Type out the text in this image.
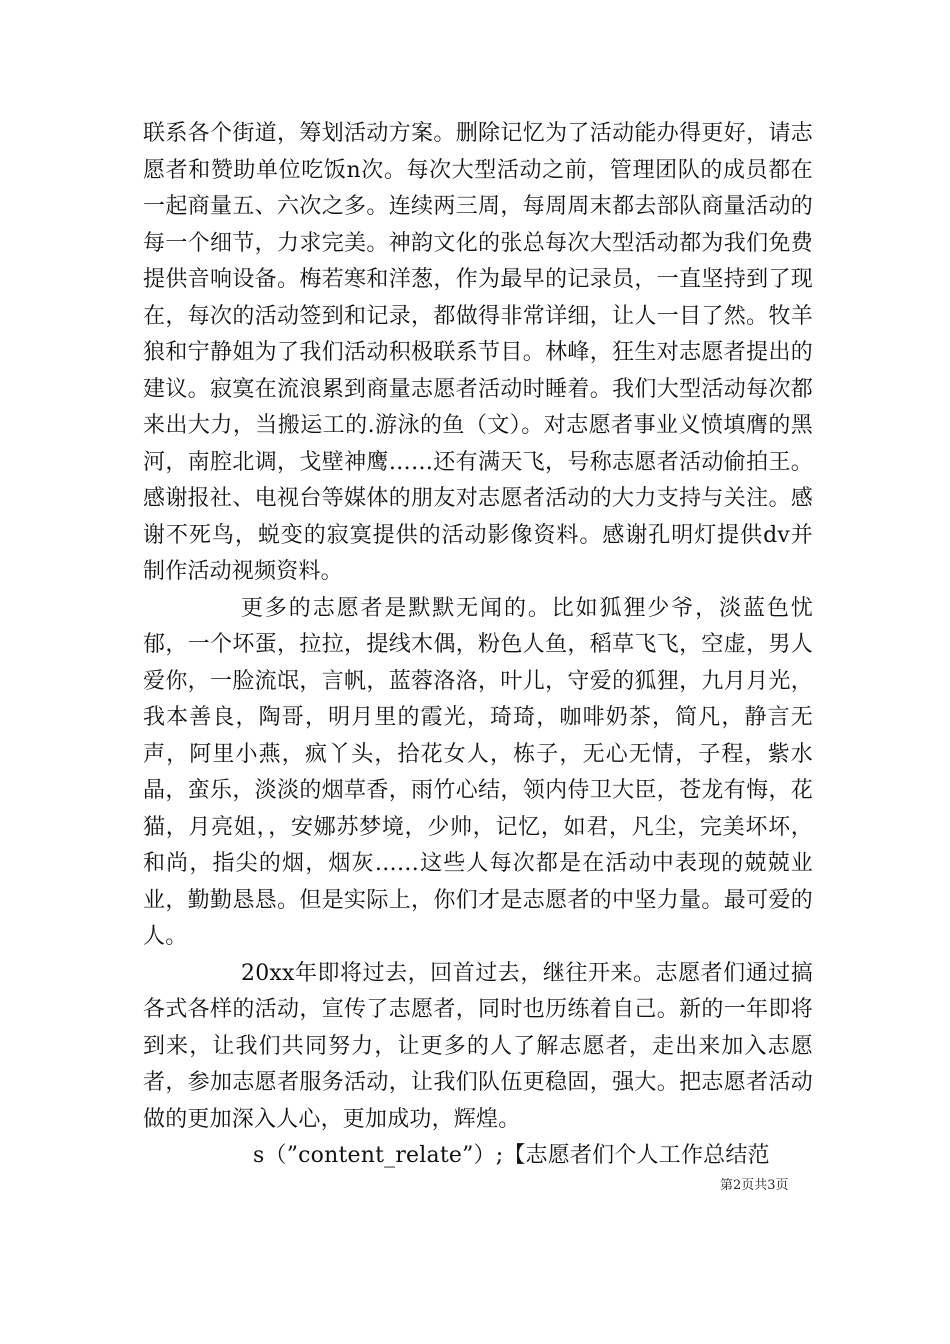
联系各个街道，筹划活动方案。删除记忆为了活动能办得更好，请志愿者和赞助单位吃饭n次。每次大型活动之前，管理团队的成员都在一起商量五、六次之多。连续两三周，每周周末都去部队商量活动的每一个细节，力求完美。神韵文化的张总每次大型活动都为我们免费提供音响设备。梅若寒和洋葱，作为最早的记录员，一直坚持到了现在，每次的活动签到和记录，都做得非常详细，让人一目了然。牧羊狼和宁静姐为了我们活动积极联系节目。林峰，狂生对志愿者提出的建议。寂寞在流浪累到商量志愿者活动时睡着。我们大型活动每次都来出大力，当搬运工的.游泳的鱼（文）。对志愿者事业义愤填膺的黑河，南腔北调，戈壁神鹰……还有满天飞，号称志愿者活动偷拍王。感谢报社、电视台等媒体的朋友对志愿者活动的大力支持与关注。感谢不死鸟，蜕变的寂寞提供的活动影像资料。感谢孔明灯提供dv并制作活动视频资料。

更多的志愿者是默默无闻的。比如狐狸少爷，淡蓝色忧郁，一个坏蛋，拉拉，提线木偶，粉色人鱼，稻草飞飞，空虚，男人爱你，一脸流氓，言帆，蓝蓉洛洛，叶儿，守爱的狐狸，九月月光，我本善良，陶哥，明月里的霞光，琦琦，咖啡奶茶，简凡，静言无声，阿里小燕，疯丫头，拾花女人，栋子，无心无情，子程，紫水晶，蛮乐，淡淡的烟草香，雨竹心结，领内侍卫大臣，苍龙有悔，花猫，月亮姐，，安娜苏梦境，少帅，记忆，如君，凡尘，完美坏坏，和尚，指尖的烟，烟灰……这些人每次都是在活动中表现的兢兢业业，勤勤恳恳。但是实际上，你们才是志愿者的中坚力量。最可爱的人。

20xx年即将过去，回首过去，继往开来。志愿者们通过搞各式各样的活动，宣传了志愿者，同时也历练着自己。新的一年即将到来，让我们共同努力，让更多的人了解志愿者，走出来加入志愿者，参加志愿者服务活动，让我们队伍更稳固，强大。把志愿者活动做的更加深入人心，更加成功，辉煌。

s（”content_relate”）;【志愿者们个人工作总结范

第2页共3页
